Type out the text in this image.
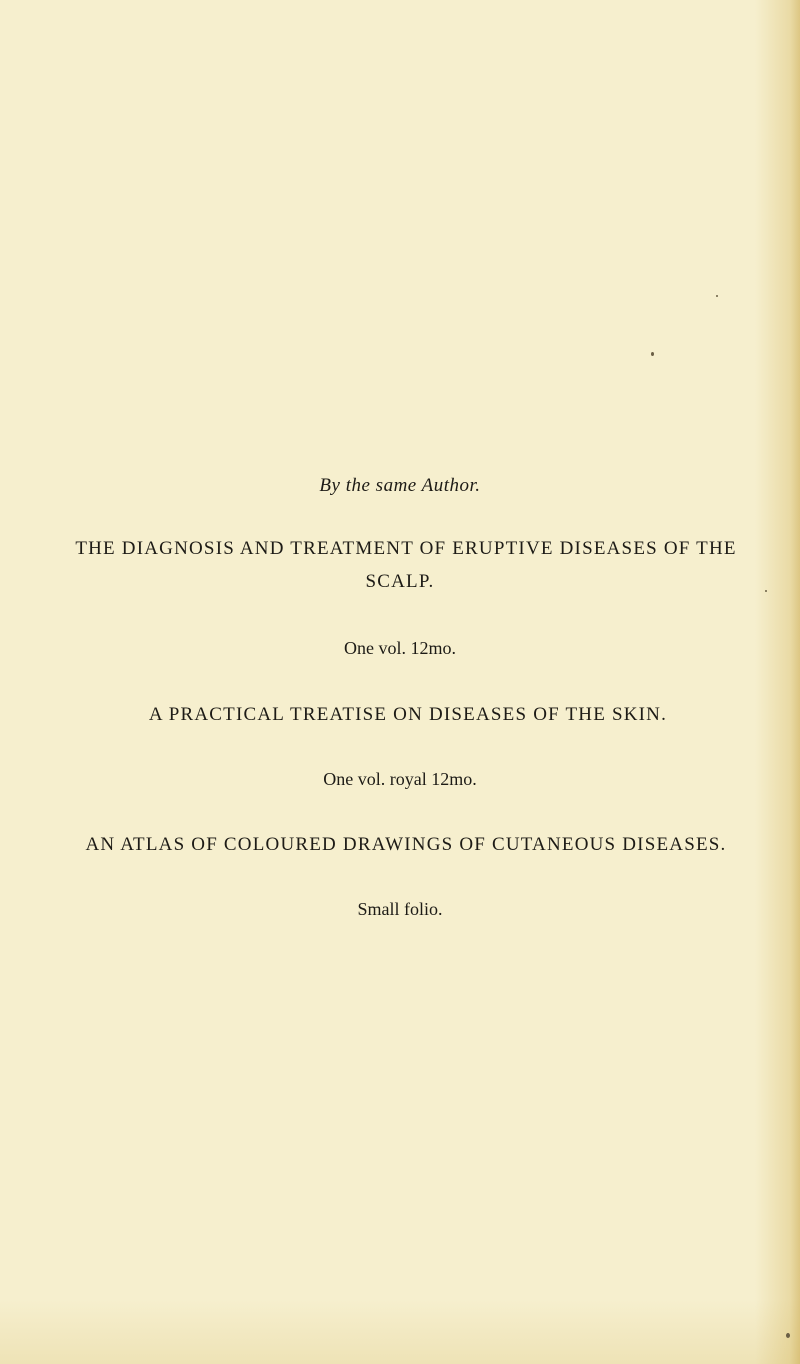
By the same Author.
THE DIAGNOSIS AND TREATMENT OF ERUPTIVE DISEASES OF THE
SCALP.
One vol. 12mo.
A PRACTICAL TREATISE ON DISEASES OF THE SKIN.
One vol. royal 12mo.
AN ATLAS OF COLOURED DRAWINGS OF CUTANEOUS DISEASES.
Small folio.
